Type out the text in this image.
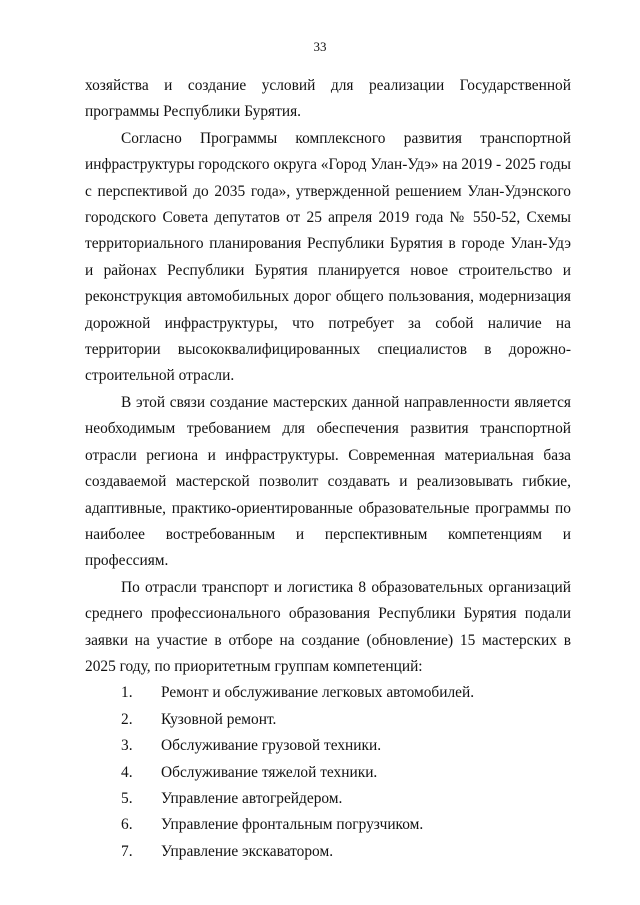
33

хозяйства и создание условий для реализации Государственной программы Республики Бурятия.

Согласно Программы комплексного развития транспортной инфраструктуры городского округа «Город Улан-Удэ» на 2019 - 2025 годы с перспективой до 2035 года», утвержденной решением Улан-Удэнского городского Совета депутатов от 25 апреля 2019 года № 550-52, Схемы территориального планирования Республики Бурятия в городе Улан-Удэ и районах Республики Бурятия планируется новое строительство и реконструкция автомобильных дорог общего пользования, модернизация дорожной инфраструктуры, что потребует за собой наличие на территории высококвалифицированных специалистов в дорожно-строительной отрасли.

В этой связи создание мастерских данной направленности является необходимым требованием для обеспечения развития транспортной отрасли региона и инфраструктуры. Современная материальная база создаваемой мастерской позволит создавать и реализовывать гибкие, адаптивные, практико-ориентированные образовательные программы по наиболее востребованным и перспективным компетенциям и профессиям.

По отрасли транспорт и логистика 8 образовательных организаций среднего профессионального образования Республики Бурятия подали заявки на участие в отборе на создание (обновление) 15 мастерских в 2025 году, по приоритетным группам компетенций:

1.	Ремонт и обслуживание легковых автомобилей.
2.	Кузовной ремонт.
3.	Обслуживание грузовой техники.
4.	Обслуживание тяжелой техники.
5.	Управление автогрейдером.
6.	Управление фронтальным погрузчиком.
7.	Управление экскаватором.
